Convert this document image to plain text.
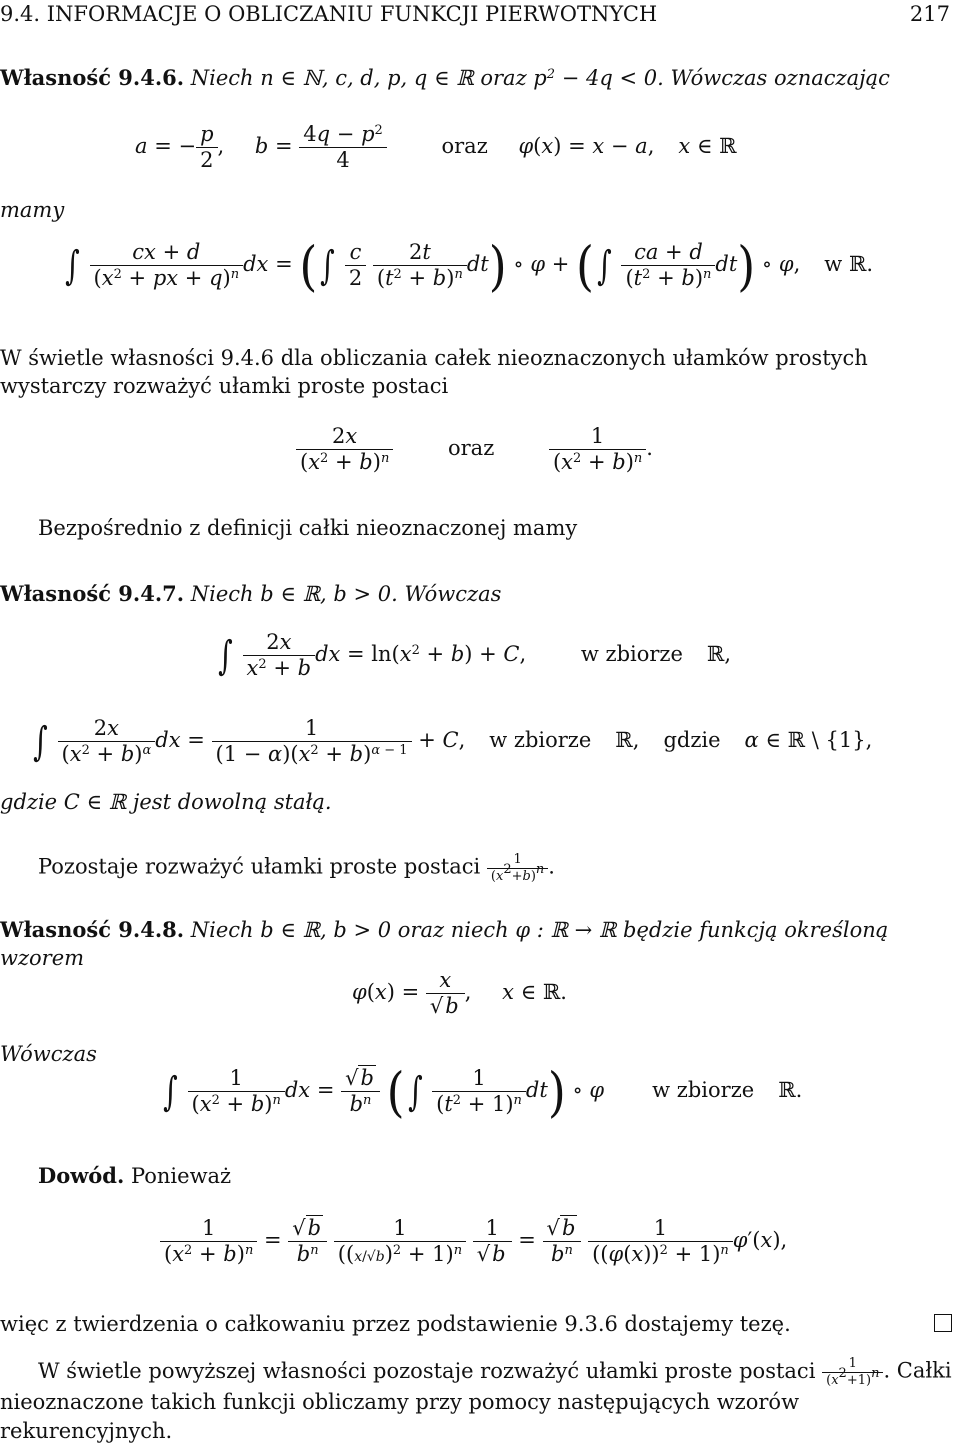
9.4. INFORMACJE O OBLICZANIU FUNKCJI PIERWOTNYCH	217
Własność 9.4.6. Niech n ∈ ℕ, c, d, p, q ∈ ℝ oraz $p^2 - 4q < 0$. Wówczas oznaczając
a = − $\frac{p}{2}$ , $b = \frac{4q - p^2}{4}$	oraz φ(x) = x − a, x ∈ ℝ
mamy
∫ $\frac{cx + d}{(x^2 + px + q)^n}$ dx = (∫ $\frac{c}{2}$
$\frac{2t}{(t^2 + b)^n} dt$) ∘ φ + (∫ $\frac{ca + d}{(t^2 + b)^n} dt$) ∘ φ, w ℝ.
W świetle własności 9.4.6 dla obliczania całek nieoznaczonych ułamków prostych wystarczy rozważyć ułamki proste postaci
$\frac{2x}{(x^2 + b)^n}$	oraz	$\frac{1}{(x^2 + b)^n}$ .
Bezpośrednio z definicji całki nieoznaczonej mamy
Własność 9.4.7. Niech b ∈ ℝ, b > 0. Wówczas
∫ $\frac{2x}{x^2 + b}$ dx = $\ln(x^2 + b) + C$, w zbiorze ℝ,
∫ $\frac{2x}{(x^2 + b)^\alpha}$ dx = $\frac{1}{(1 - \alpha)(x^2 + b)^{\alpha - 1}} + C$, w zbiorze ℝ, gdzie α ∈ ℝ \ {1},
gdzie C ∈ ℝ jest dowolną stałą.
Pozostaje rozważyć ułamki proste postaci $\frac{1}{(x^2+b)^n}$ .
Własność 9.4.8. Niech b ∈ ℝ, b > 0 oraz niech φ : ℝ → ℝ będzie funkcją określoną wzorem
$\varphi(x) = \frac{x}{√b}$ , x ∈ ℝ.
Wówczas
∫ $\frac{1}{(x^2 + b)^n}$ dx = $\frac{√b}{b^n}$ (∫ $\frac{1}{(t^2 + 1)^n} dt$) ∘ φ w zbiorze ℝ.
Dowód. Ponieważ
$\frac{1}{(x^2 + b)^n} = \frac{√b}{b^n}$
$\frac{1}{((x/√b)^2 + 1)^n}$
$\frac{1}{√b} = \frac{√b}{b^n}$
$\frac{1}{((\varphi(x))^2 + 1)^n} \varphi'(x)$,
więc z twierdzenia o całkowaniu przez podstawienie 9.3.6 dostajemy tezę.
W świetle powyższej własności pozostaje rozważyć ułamki proste postaci $\frac{1}{(x^2+1)^n}$ . Całki nieoznaczone takich funkcji obliczamy przy pomocy następujących wzorów rekurencyjnych.
